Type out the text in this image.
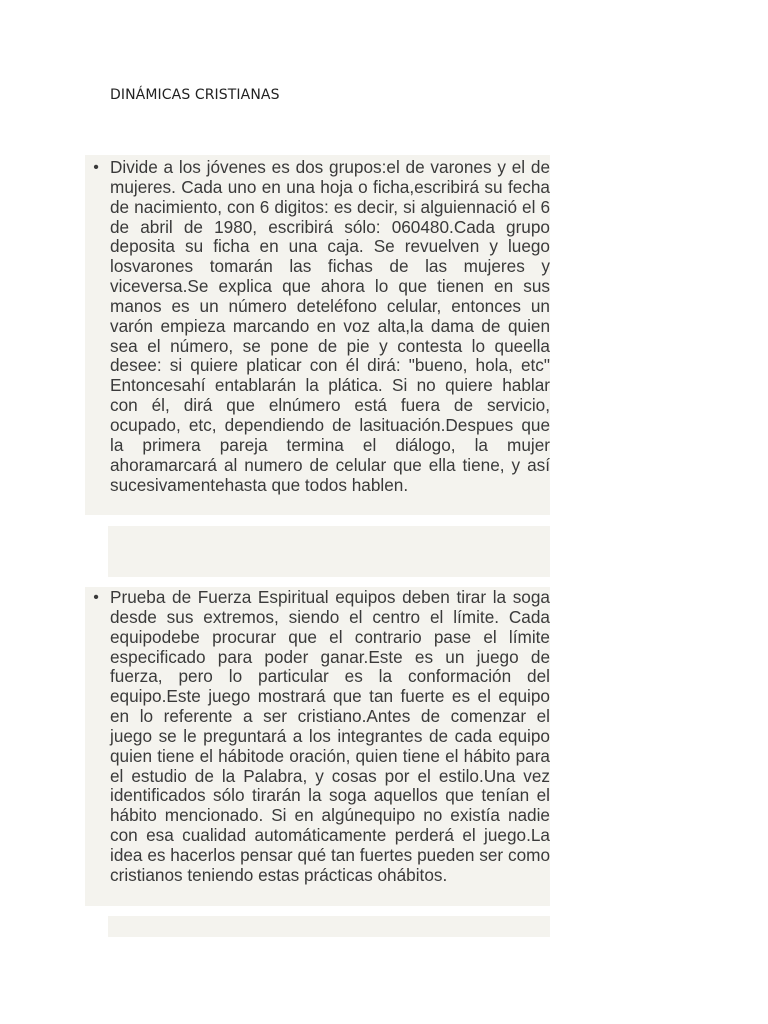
DINÁMICAS CRISTIANAS
• Divide a los jóvenes es dos grupos:el de varones y el de mujeres. Cada uno en una hoja o ficha,escribirá su fecha de nacimiento, con 6 digitos: es decir, si alguiennació el 6 de abril de 1980, escribirá sólo: 060480.Cada grupo deposita su ficha en una caja. Se revuelven y luego losvarones tomarán las fichas de las mujeres y viceversa.Se explica que ahora lo que tienen en sus manos es un número deteléfono celular, entonces un varón empieza marcando en voz alta,la dama de quien sea el número, se pone de pie y contesta lo queella desee: si quiere platicar con él dirá: "bueno, hola, etc" Entoncesahí entablarán la plática. Si no quiere hablar con él, dirá que elnúmero está fuera de servicio, ocupado, etc, dependiendo de lasituación.Despues que la primera pareja termina el diálogo, la mujer ahoramarcará al numero de celular que ella tiene, y así sucesivamentehasta que todos hablen.

• Prueba de Fuerza Espiritual equipos deben tirar la soga desde sus extremos, siendo el centro el límite. Cada equipodebe procurar que el contrario pase el límite especificado para poder ganar.Este es un juego de fuerza, pero lo particular es la conformación del equipo.Este juego mostrará que tan fuerte es el equipo en lo referente a ser cristiano.Antes de comenzar el juego se le preguntará a los integrantes de cada equipo quien tiene el hábitode oración, quien tiene el hábito para el estudio de la Palabra, y cosas por el estilo.Una vez identificados sólo tirarán la soga aquellos que tenían el hábito mencionado. Si en algúnequipo no existía nadie con esa cualidad automáticamente perderá el juego.La idea es hacerlos pensar qué tan fuertes pueden ser como cristianos teniendo estas prácticas ohábitos.
